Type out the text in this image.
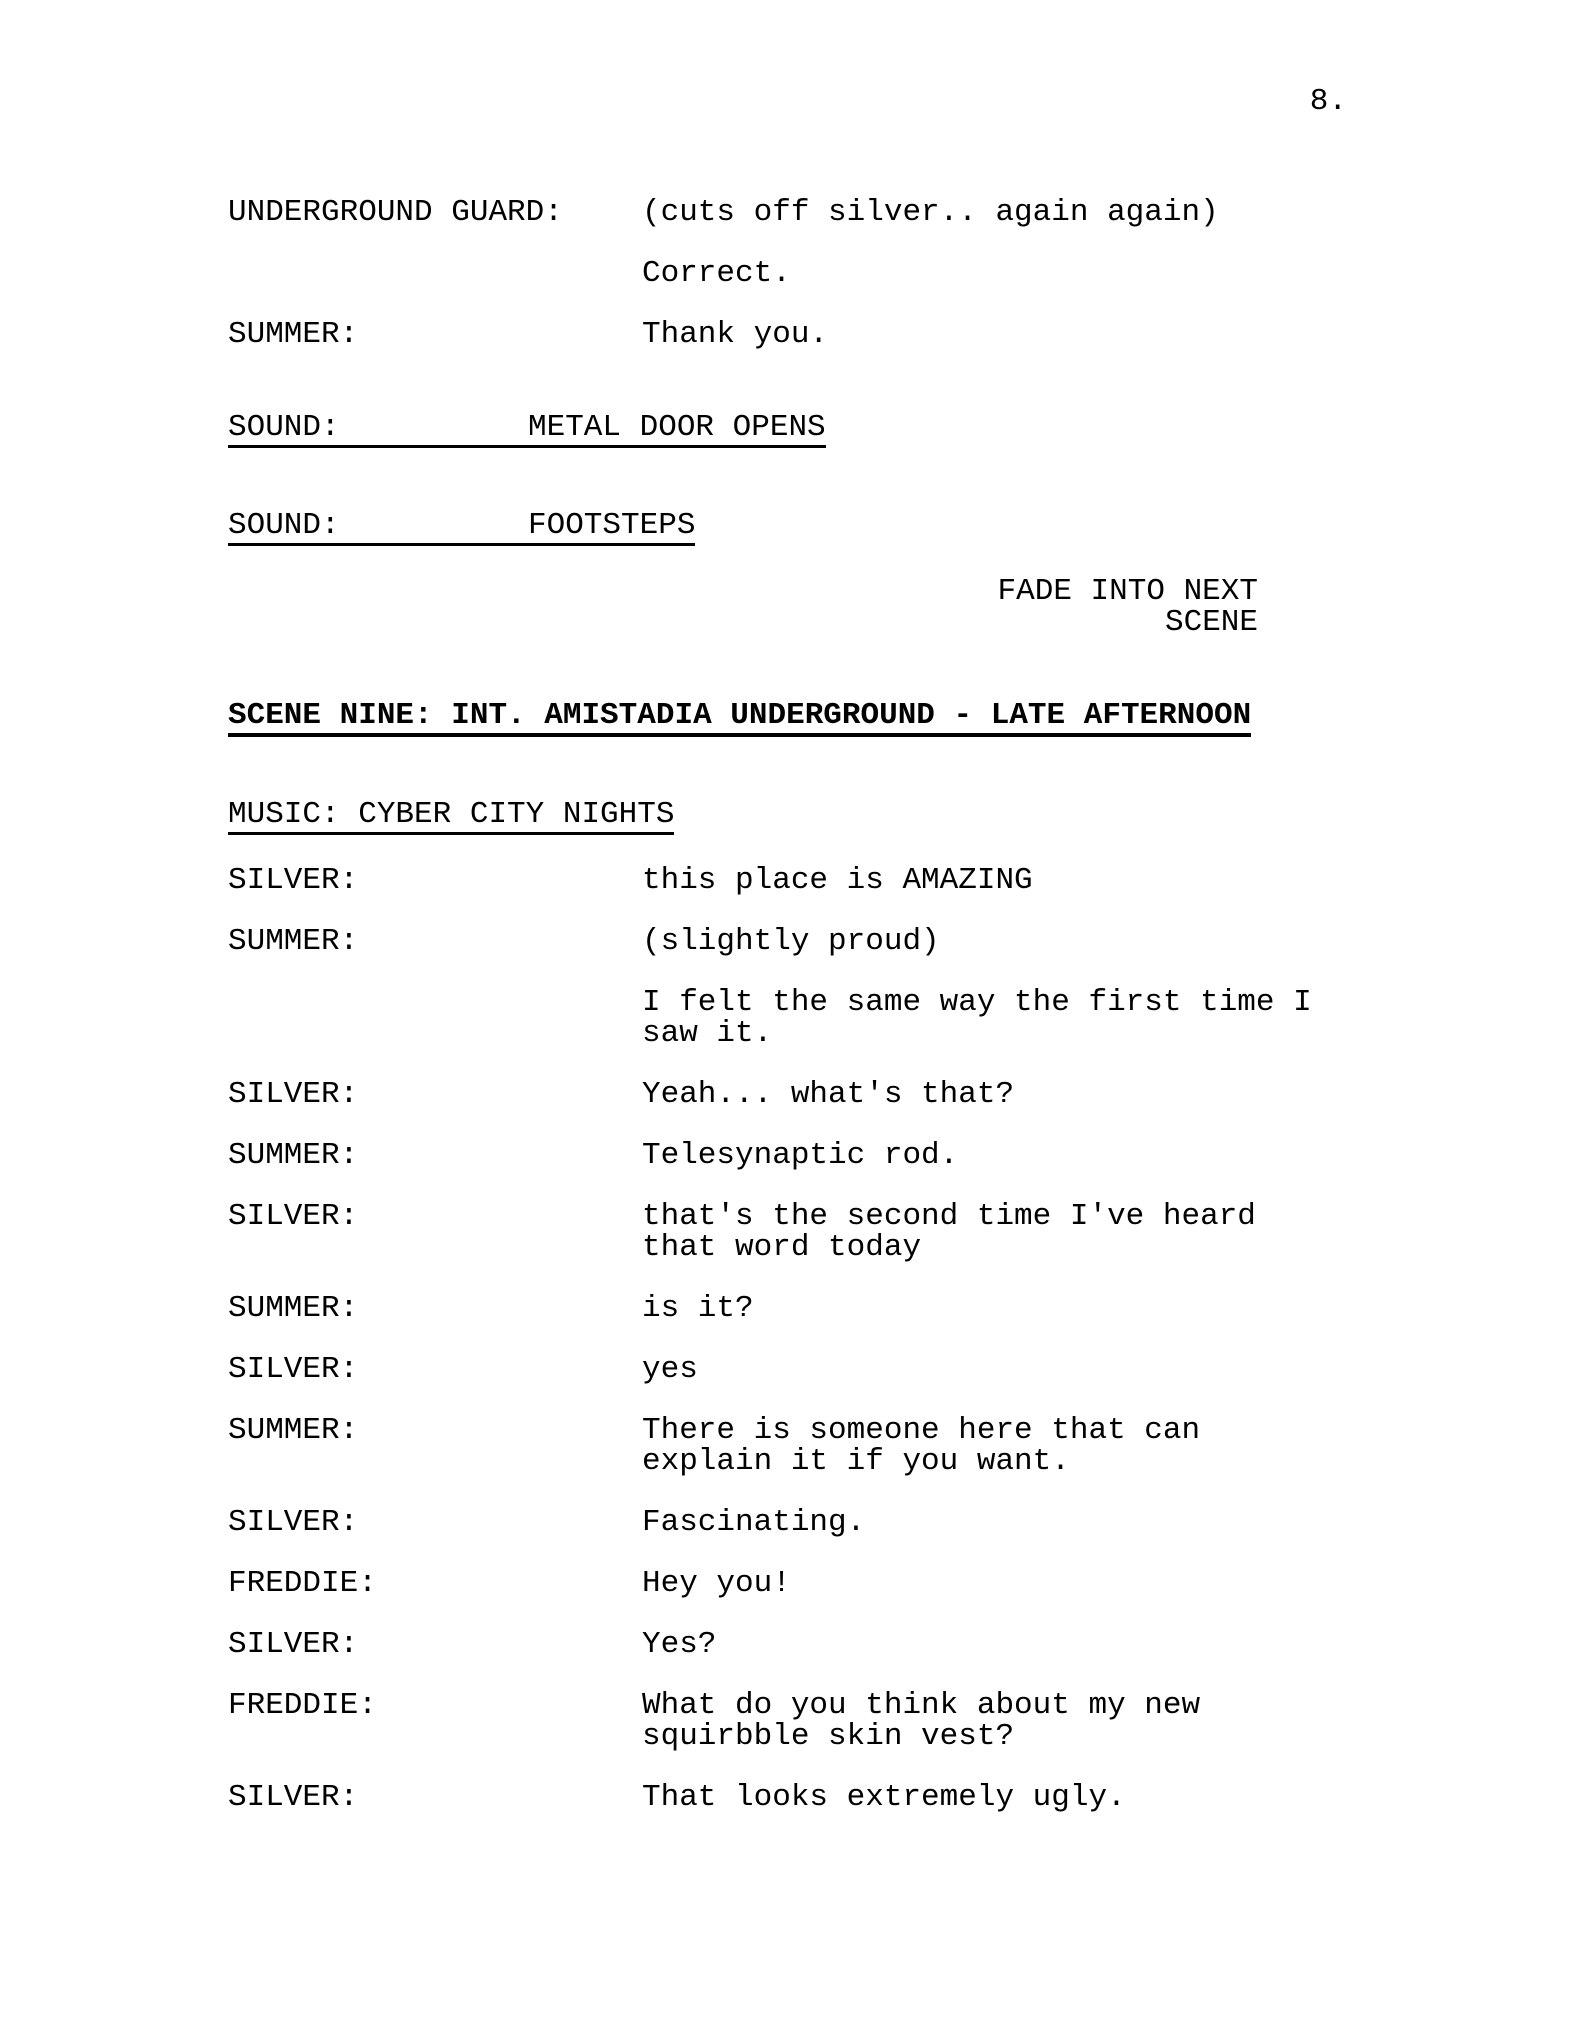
8.
UNDERGROUND GUARD:	(cuts off silver.. again again)
Correct.
SUMMER:	Thank you.
SOUND:	METAL DOOR OPENS
SOUND:	FOOTSTEPS
FADE INTO NEXT
SCENE
SCENE NINE: INT. AMISTADIA UNDERGROUND - LATE AFTERNOON
MUSIC: CYBER CITY NIGHTS
SILVER:	this place is AMAZING
SUMMER:	(slightly proud)
I felt the same way the first time I
saw it.
SILVER:	Yeah... what's that?
SUMMER:	Telesynaptic rod.
SILVER:	that's the second time I've heard
that word today
SUMMER:	is it?
SILVER:	yes
SUMMER:	There is someone here that can
explain it if you want.
SILVER:	Fascinating.
FREDDIE:	Hey you!
SILVER:	Yes?
FREDDIE:	What do you think about my new
squirbble skin vest?
SILVER:	That looks extremely ugly.
